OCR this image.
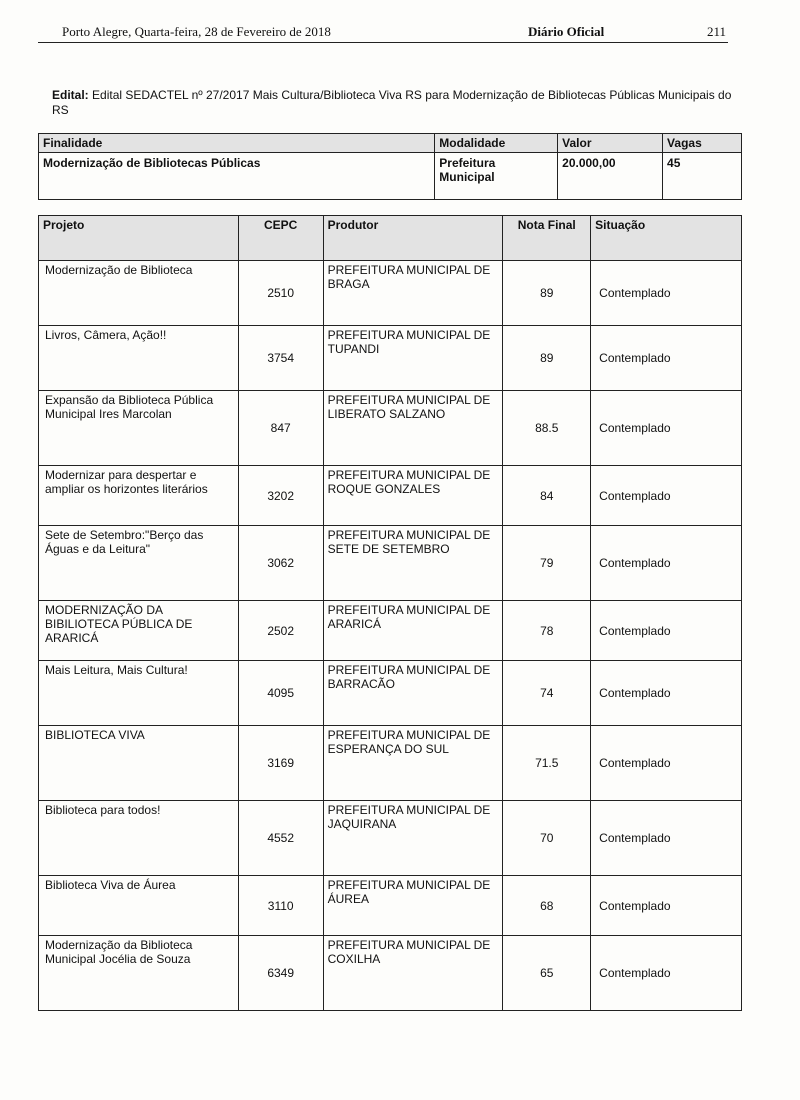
Porto Alegre, Quarta-feira, 28 de Fevereiro de 2018	Diário Oficial	211
Edital: Edital SEDACTEL nº 27/2017 Mais Cultura/Biblioteca Viva RS para Modernização de Bibliotecas Públicas Municipais do RS
Finalidade	Modalidade	Valor	Vagas
Modernização de Bibliotecas Públicas	Prefeitura Municipal	20.000,00	45
Projeto	CEPC	Produtor	Nota Final	Situação
Modernização de Biblioteca	2510	PREFEITURA MUNICIPAL DE BRAGA	89	Contemplado
Livros, Câmera, Ação!!	3754	PREFEITURA MUNICIPAL DE TUPANDI	89	Contemplado
Expansão da Biblioteca Pública Municipal Ires Marcolan	847	PREFEITURA MUNICIPAL DE LIBERATO SALZANO	88.5	Contemplado
Modernizar para despertar e ampliar os horizontes literários	3202	PREFEITURA MUNICIPAL DE ROQUE GONZALES	84	Contemplado
Sete de Setembro:"Berço das Águas e da Leitura"	3062	PREFEITURA MUNICIPAL DE SETE DE SETEMBRO	79	Contemplado
MODERNIZAÇÃO DA BIBILIOTECA PÚBLICA DE ARARICÁ	2502	PREFEITURA MUNICIPAL DE ARARICÁ	78	Contemplado
Mais Leitura, Mais Cultura!	4095	PREFEITURA MUNICIPAL DE BARRACÃO	74	Contemplado
BIBLIOTECA VIVA	3169	PREFEITURA MUNICIPAL DE ESPERANÇA DO SUL	71.5	Contemplado
Biblioteca para todos!	4552	PREFEITURA MUNICIPAL DE JAQUIRANA	70	Contemplado
Biblioteca Viva de Áurea	3110	PREFEITURA MUNICIPAL DE ÁUREA	68	Contemplado
Modernização da Biblioteca Municipal Jocélia de Souza	6349	PREFEITURA MUNICIPAL DE COXILHA	65	Contemplado
